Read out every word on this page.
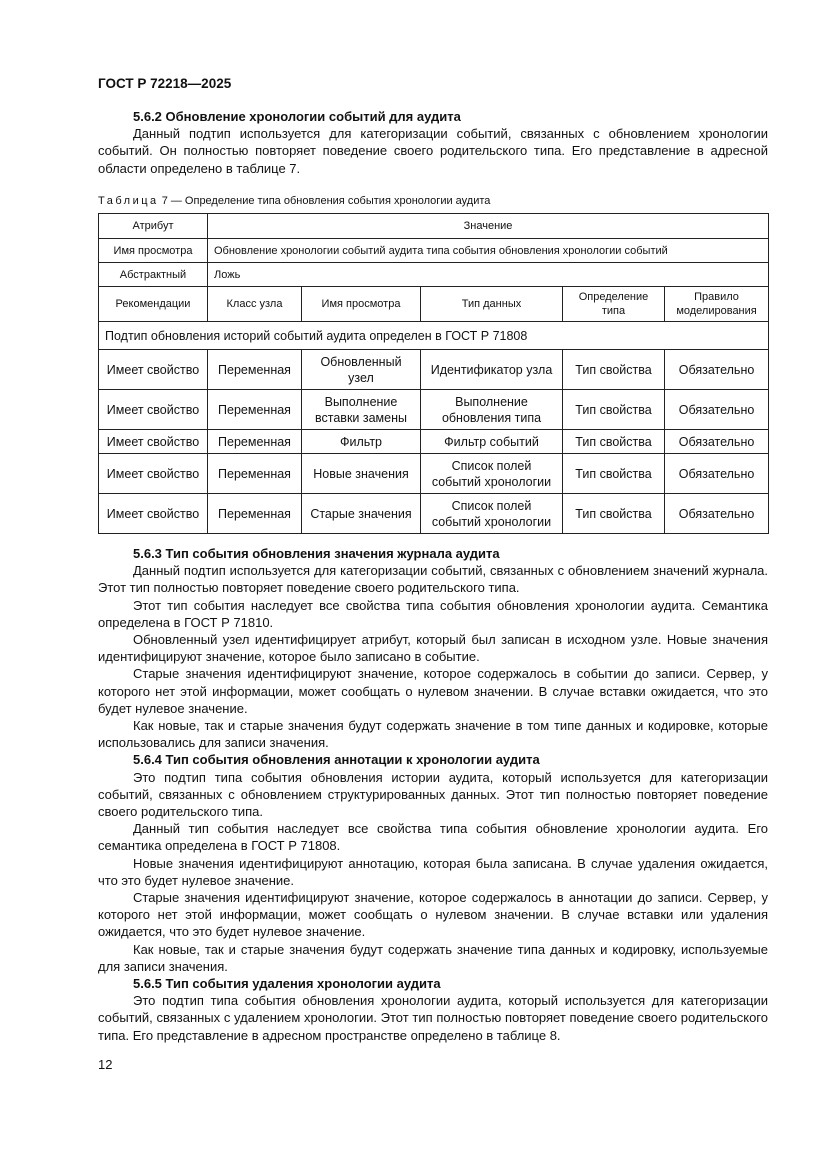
ГОСТ Р 72218—2025
5.6.2 Обновление хронологии событий для аудита
Данный подтип используется для категоризации событий, связанных с обновлением хронологии событий. Он полностью повторяет поведение своего родительского типа. Его представление в адресной области определено в таблице 7.
Таблица 7 — Определение типа обновления события хронологии аудита
Атрибут	Значение				
Имя просмотра	Обновление хронологии событий аудита типа события обновления хронологии событий				
Абстрактный	Ложь				
Рекомендации	Класс узла	Имя просмотра	Тип данных	Определение типа	Правило моделирования
Подтип обновления историй событий аудита определен в ГОСТ Р 71808					
Имеет свойство	Переменная	Обновленный узел	Идентификатор узла	Тип свойства	Обязательно
Имеет свойство	Переменная	Выполнение вставки замены	Выполнение обновления типа	Тип свойства	Обязательно
Имеет свойство	Переменная	Фильтр	Фильтр событий	Тип свойства	Обязательно
Имеет свойство	Переменная	Новые значения	Список полей событий хронологии	Тип свойства	Обязательно
Имеет свойство	Переменная	Старые значения	Список полей событий хронологии	Тип свойства	Обязательно
5.6.3 Тип события обновления значения журнала аудита
Данный подтип используется для категоризации событий, связанных с обновлением значений журнала. Этот тип полностью повторяет поведение своего родительского типа.
Этот тип события наследует все свойства типа события обновления хронологии аудита. Семантика определена в ГОСТ Р 71810.
Обновленный узел идентифицирует атрибут, который был записан в исходном узле. Новые значения идентифицируют значение, которое было записано в событие.
Старые значения идентифицируют значение, которое содержалось в событии до записи. Сервер, у которого нет этой информации, может сообщать о нулевом значении. В случае вставки ожидается, что это будет нулевое значение.
Как новые, так и старые значения будут содержать значение в том типе данных и кодировке, которые использовались для записи значения.
5.6.4 Тип события обновления аннотации к хронологии аудита
Это подтип типа события обновления истории аудита, который используется для категоризации событий, связанных с обновлением структурированных данных. Этот тип полностью повторяет поведение своего родительского типа.
Данный тип события наследует все свойства типа события обновление хронологии аудита. Его семантика определена в ГОСТ Р 71808.
Новые значения идентифицируют аннотацию, которая была записана. В случае удаления ожидается, что это будет нулевое значение.
Старые значения идентифицируют значение, которое содержалось в аннотации до записи. Сервер, у которого нет этой информации, может сообщать о нулевом значении. В случае вставки или удаления ожидается, что это будет нулевое значение.
Как новые, так и старые значения будут содержать значение типа данных и кодировку, используемые для записи значения.
5.6.5 Тип события удаления хронологии аудита
Это подтип типа события обновления хронологии аудита, который используется для категоризации событий, связанных с удалением хронологии. Этот тип полностью повторяет поведение своего родительского типа. Его представление в адресном пространстве определено в таблице 8.
12
